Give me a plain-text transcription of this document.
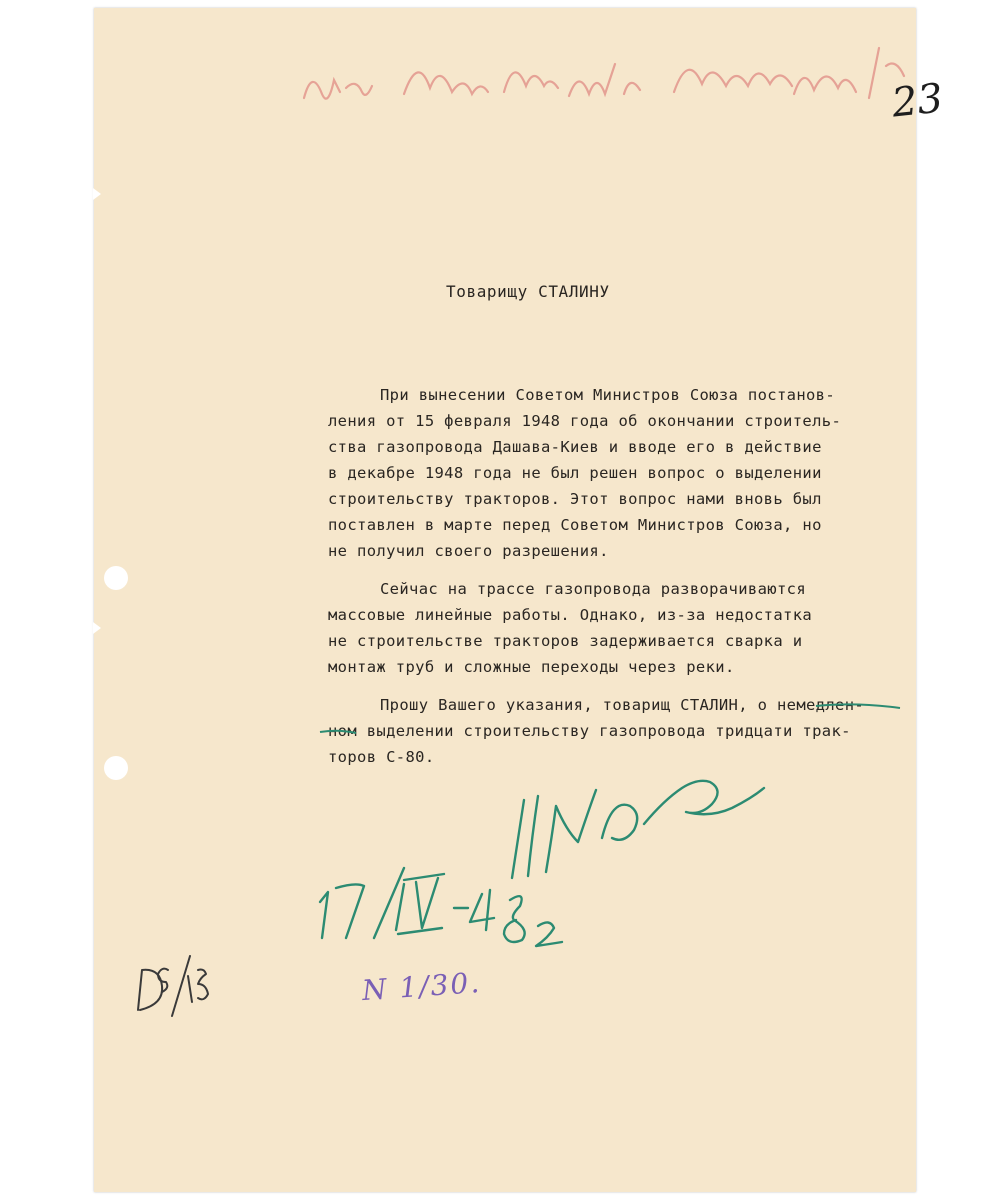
23
Товарищу СТАЛИНУ
При вынесении Советом Министров Союза постанов-
ления от 15 февраля 1948 года об окончании строитель-
ства газопровода Дашава-Киев и вводе его в действие
в декабре 1948 года не был решен вопрос о выделении
строительству тракторов. Этот вопрос нами вновь был
поставлен в марте перед Советом Министров Союза, но
не получил своего разрешения.
Сейчас на трассе газопровода разворачиваются
массовые линейные работы. Однако, из-за недостатка
не строительстве тракторов задерживается сварка и
монтаж труб и сложные переходы через реки.
Прошу Вашего указания, товарищ СТАЛИН, о немедлен-
ном выделении строительству газопровода тридцати трак-
торов С-80.
N 1/30.
